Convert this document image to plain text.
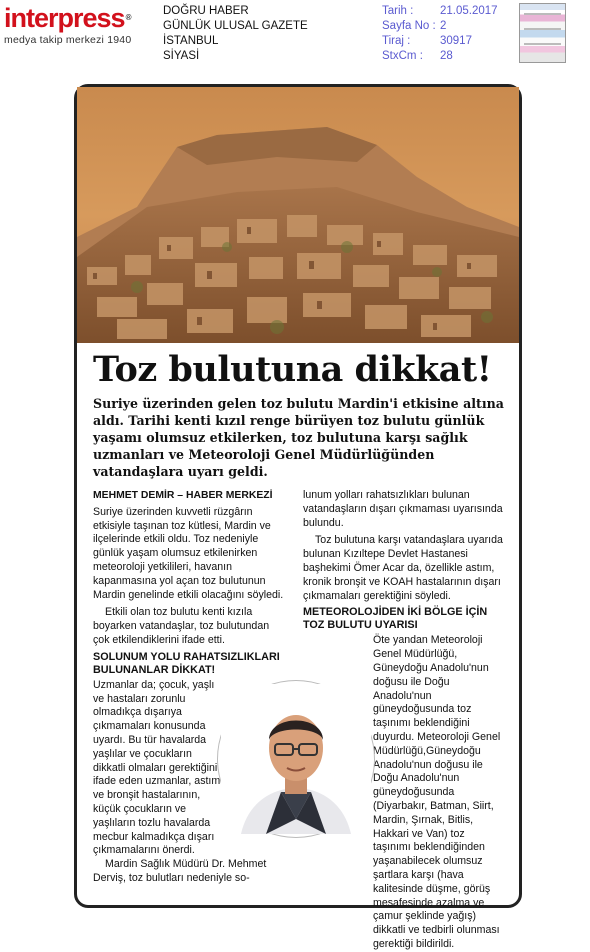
interpress®
medya takip merkezi 1940
DOĞRU HABER
GÜNLÜK ULUSAL GAZETE
İSTANBUL
SİYASİ
Tarih :	21.05.2017
Sayfa No : 2
Tiraj :	30917
StxCm :	28
Toz bulutuna dikkat!
Suriye üzerinden gelen toz bulutu Mardin'i etkisine altına aldı. Tarihi kenti kızıl renge bürüyen toz bulutu günlük yaşamı olumsuz etkilerken, toz bulutuna karşı sağlık uzmanları ve Meteoroloji Genel Müdürlüğünden vatandaşlara uyarı geldi.
MEHMET DEMİR – HABER MERKEZİ

Suriye üzerinden kuvvetli rüzgârın etkisiyle taşınan toz kütlesi, Mardin ve ilçelerinde etkili oldu. Toz nedeniyle günlük yaşam olumsuz etkilenirken meteoroloji yetkilileri, havanın kapanmasına yol açan toz bulutunun Mardin genelinde etkili olacağını söyledi.

Etkili olan toz bulutu kenti kızıla boyarken vatandaşlar, toz bulutundan çok etkilendiklerini ifade etti.

SOLUNUM YOLU RAHATSIZLIKLARI BULUNANLAR DİKKAT!

Uzmanlar da; çocuk, yaşlı ve hastaları zorunlu olmadıkça dışarıya çıkmamaları konusunda uyardı. Bu tür havalarda yaşlılar ve çocukların dikkatli olmaları gerektiğini ifade eden uzmanlar, astım ve bronşit hastalarının, küçük çocukların ve yaşlıların tozlu havalarda mecbur kalmadıkça dışarı çıkmamalarını önerdi.

Mardin Sağlık Müdürü Dr. Mehmet Derviş, toz bulutları nedeniyle so-

lunum yolları rahatsızlıkları bulunan vatandaşların dışarı çıkmaması uyarısında bulundu.

Toz bulutuna karşı vatandaşlara uyarıda bulunan Kızıltepe Devlet Hastanesi başhekimi Ömer Acar da, özellikle astım, kronik bronşit ve KOAH hastalarının dışarı çıkmamaları gerektiğini söyledi.

METEOROLOJİDEN İKİ BÖLGE İÇİN TOZ BULUTU UYARISI

Öte yandan Meteoroloji Genel Müdürlüğü, Güneydoğu Anadolu'nun doğusu ile Doğu Anadolu'nun güneydoğusunda toz taşınımı beklendiğini duyurdu. Meteoroloji Genel Müdürlüğü,Güneydoğu Anadolu'nun doğusu ile Doğu Anadolu'nun güneydoğusunda (Diyarbakır, Batman, Siirt, Mardin, Şırnak, Bitlis, Hakkari ve Van) toz taşınımı beklendiğinden yaşanabilecek olumsuz şartlara karşı (hava kalitesinde düşme, görüş mesafesinde azalma ve çamur şeklinde yağış) dikkatli ve tedbirli olunması gerektiği bildirildi.
